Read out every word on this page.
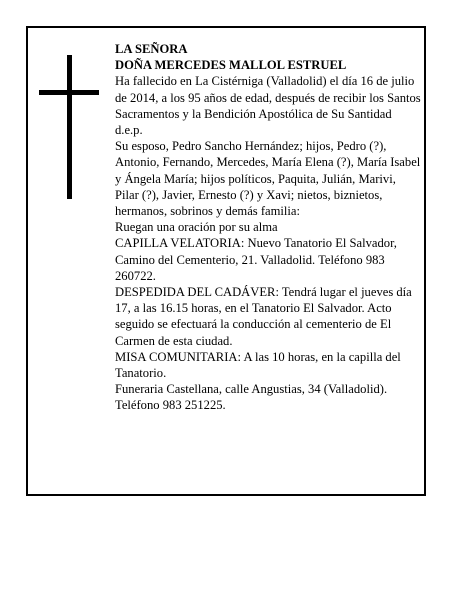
LA SEÑORA

DOÑA MERCEDES MALLOL ESTRUEL

Ha fallecido en La Cistérniga (Valladolid) el día 16 de julio de 2014, a los 95 años de edad, después de recibir los Santos Sacramentos y la Bendición Apostólica de Su Santidad

d.e.p.

Su esposo, Pedro Sancho Hernández; hijos, Pedro (?), Antonio, Fernando, Mercedes, María Elena (?), María Isabel y Ángela María; hijos políticos, Paquita, Julián, Marivi, Pilar (?), Javier, Ernesto (?) y Xavi; nietos, biznietos, hermanos, sobrinos y demás familia:

Ruegan una oración por su alma

CAPILLA VELATORIA: Nuevo Tanatorio El Salvador, Camino del Cementerio, 21. Valladolid. Teléfono 983 260722.

DESPEDIDA DEL CADÁVER: Tendrá lugar el jueves día 17, a las 16.15 horas, en el Tanatorio El Salvador. Acto seguido se efectuará la conducción al cementerio de El Carmen de esta ciudad.

MISA COMUNITARIA: A las 10 horas, en la capilla del Tanatorio.

Funeraria Castellana, calle Angustias, 34 (Valladolid). Teléfono 983 251225.
